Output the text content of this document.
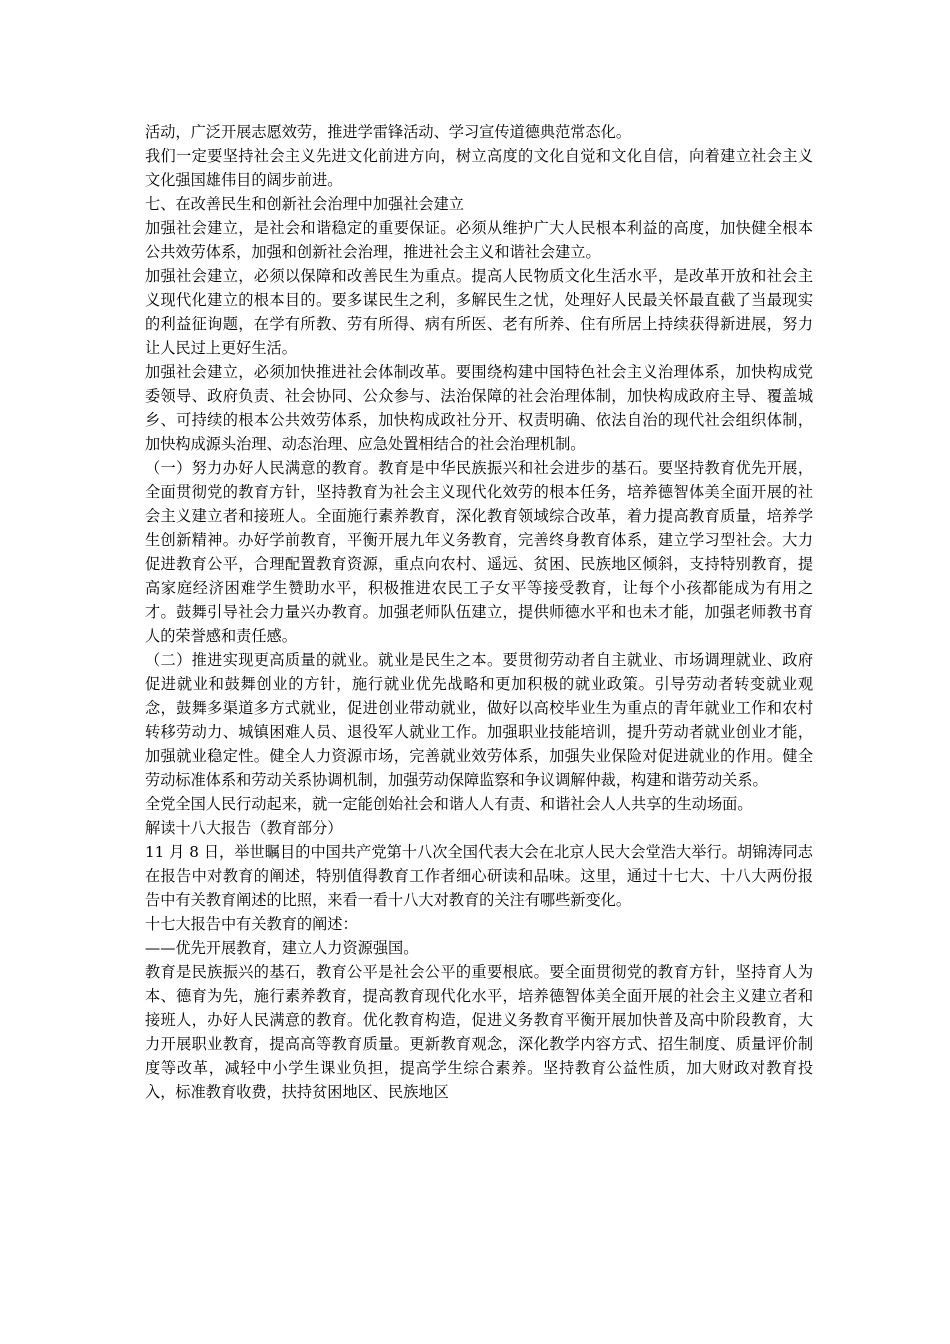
活动，广泛开展志愿效劳，推进学雷锋活动、学习宣传道德典范常态化。

我们一定要坚持社会主义先进文化前进方向，树立高度的文化自觉和文化自信，向着建立社会主义文化强国雄伟目的阔步前进。

七、在改善民生和创新社会治理中加强社会建立

加强社会建立，是社会和谐稳定的重要保证。必须从维护广大人民根本利益的高度，加快健全根本公共效劳体系，加强和创新社会治理，推进社会主义和谐社会建立。

加强社会建立，必须以保障和改善民生为重点。提高人民物质文化生活水平，是改革开放和社会主义现代化建立的根本目的。要多谋民生之利，多解民生之忧，处理好人民最关怀最直截了当最现实的利益征询题，在学有所教、劳有所得、病有所医、老有所养、住有所居上持续获得新进展，努力让人民过上更好生活。

加强社会建立，必须加快推进社会体制改革。要围绕构建中国特色社会主义治理体系，加快构成党委领导、政府负责、社会协同、公众参与、法治保障的社会治理体制，加快构成政府主导、覆盖城乡、可持续的根本公共效劳体系，加快构成政社分开、权责明确、依法自治的现代社会组织体制，加快构成源头治理、动态治理、应急处置相结合的社会治理机制。

（一）努力办好人民满意的教育。教育是中华民族振兴和社会进步的基石。要坚持教育优先开展，全面贯彻党的教育方针，坚持教育为社会主义现代化效劳的根本任务，培养德智体美全面开展的社会主义建立者和接班人。全面施行素养教育，深化教育领域综合改革，着力提高教育质量，培养学生创新精神。办好学前教育，平衡开展九年义务教育，完善终身教育体系，建立学习型社会。大力促进教育公平，合理配置教育资源，重点向农村、遥远、贫困、民族地区倾斜，支持特别教育，提高家庭经济困难学生赞助水平，积极推进农民工子女平等接受教育，让每个小孩都能成为有用之才。鼓舞引导社会力量兴办教育。加强老师队伍建立，提供师德水平和也未才能，加强老师教书育人的荣誉感和责任感。

（二）推进实现更高质量的就业。就业是民生之本。要贯彻劳动者自主就业、市场调理就业、政府促进就业和鼓舞创业的方针，施行就业优先战略和更加积极的就业政策。引导劳动者转变就业观念，鼓舞多渠道多方式就业，促进创业带动就业，做好以高校毕业生为重点的青年就业工作和农村转移劳动力、城镇困难人员、退役军人就业工作。加强职业技能培训，提升劳动者就业创业才能，加强就业稳定性。健全人力资源市场，完善就业效劳体系，加强失业保险对促进就业的作用。健全劳动标准体系和劳动关系协调机制，加强劳动保障监察和争议调解仲裁，构建和谐劳动关系。

全党全国人民行动起来，就一定能创始社会和谐人人有责、和谐社会人人共享的生动场面。

解读十八大报告（教育部分）

11 月 8 日，举世瞩目的中国共产党第十八次全国代表大会在北京人民大会堂浩大举行。胡锦涛同志在报告中对教育的阐述，特别值得教育工作者细心研读和品味。这里，通过十七大、十八大两份报告中有关教育阐述的比照，来看一看十八大对教育的关注有哪些新变化。

十七大报告中有关教育的阐述：

——优先开展教育，建立人力资源强国。

教育是民族振兴的基石，教育公平是社会公平的重要根底。要全面贯彻党的教育方针，坚持育人为本、德育为先，施行素养教育，提高教育现代化水平，培养德智体美全面开展的社会主义建立者和接班人，办好人民满意的教育。优化教育构造，促进义务教育平衡开展加快普及高中阶段教育，大力开展职业教育，提高高等教育质量。更新教育观念，深化教学内容方式、招生制度、质量评价制度等改革，减轻中小学生课业负担，提高学生综合素养。坚持教育公益性质，加大财政对教育投入，标准教育收费，扶持贫困地区、民族地区
